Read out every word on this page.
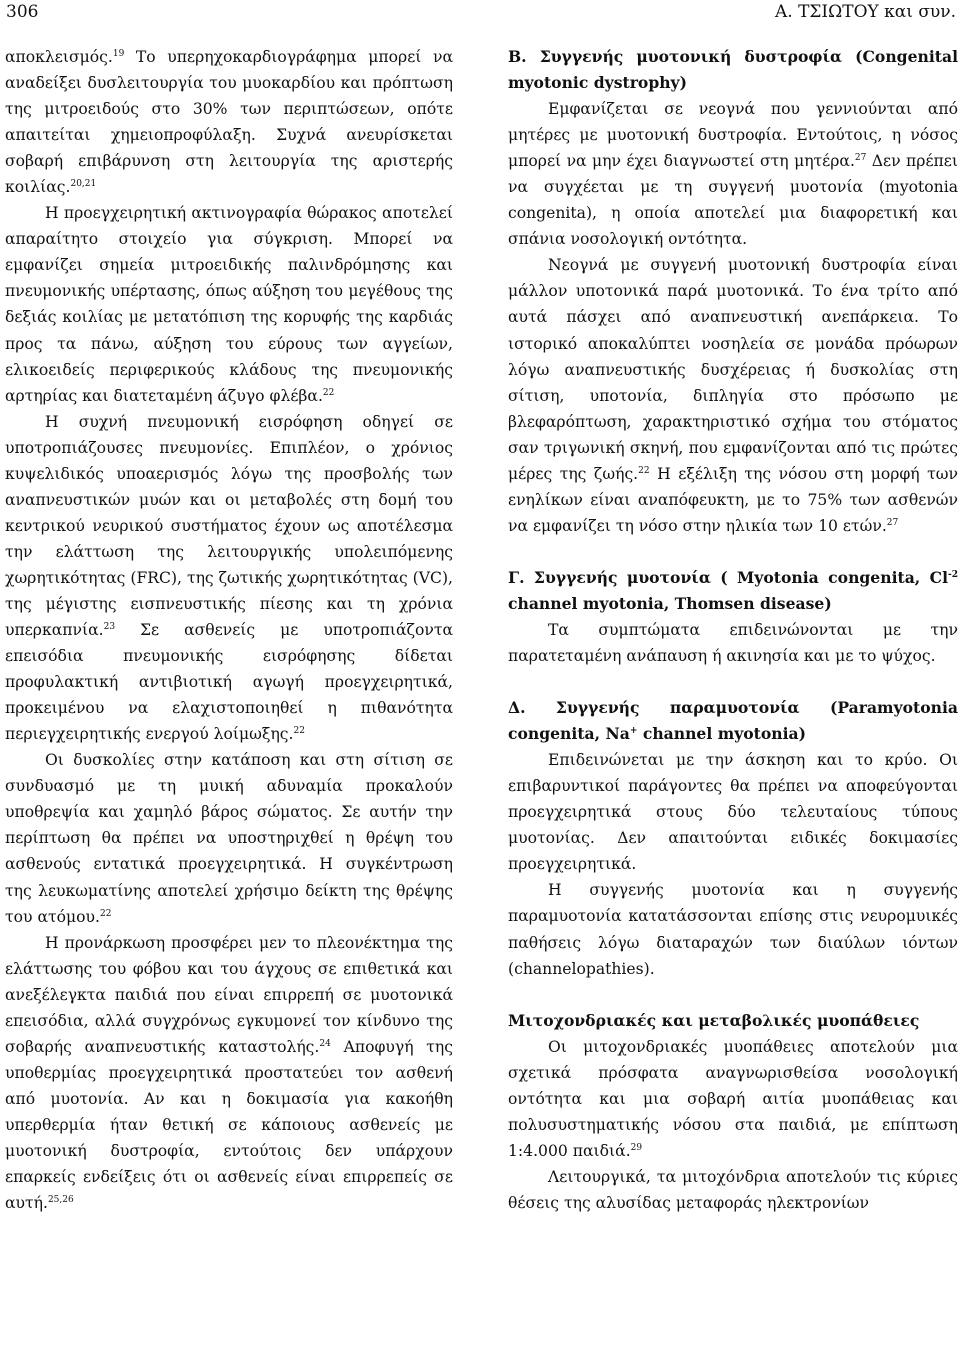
306	Α. ΤΣΙΩΤΟΥ και συν.

αποκλεισμός.$^{19}$ Το υπερηχοκαρδιογράφημα μπορεί να αναδείξει δυσλειτουργία του μυοκαρδίου και πρόπτωση της μιτροειδούς στο 30% των περιπτώσεων, οπότε απαιτείται χημειοπροφύλαξη. Συχνά ανευρίσκεται σοβαρή επιβάρυνση στη λειτουργία της αριστερής κοιλίας.$^{20,21}$

Η προεγχειρητική ακτινογραφία θώρακος αποτελεί απαραίτητο στοιχείο για σύγκριση. Μπορεί να εμφανίζει σημεία μιτροειδικής παλινδρόμησης και πνευμονικής υπέρτασης, όπως αύξηση του μεγέθους της δεξιάς κοιλίας με μετατόπιση της κορυφής της καρδιάς προς τα πάνω, αύξηση του εύρους των αγγείων, ελικοειδείς περιφερικούς κλάδους της πνευμονικής αρτηρίας και διατεταμένη άζυγο φλέβα.$^{22}$

Η συχνή πνευμονική εισρόφηση οδηγεί σε υποτροπιάζουσες πνευμονίες. Επιπλέον, ο χρόνιος κυψελιδικός υποαερισμός λόγω της προσβολής των αναπνευστικών μυών και οι μεταβολές στη δομή του κεντρικού νευρικού συστήματος έχουν ως αποτέλεσμα την ελάττωση της λειτουργικής υπολειπόμενης χωρητικότητας (FRC), της ζωτικής χωρητικότητας (VC), της μέγιστης εισπνευστικής πίεσης και τη χρόνια υπερκαπνία.$^{23}$ Σε ασθενείς με υποτροπιάζοντα επεισόδια πνευμονικής εισρόφησης δίδεται προφυλακτική αντιβιοτική αγωγή προεγχειρητικά, προκειμένου να ελαχιστοποιηθεί η πιθανότητα περιεγχειρητικής ενεργού λοίμωξης.$^{22}$

Οι δυσκολίες στην κατάποση και στη σίτιση σε συνδυασμό με τη μυική αδυναμία προκαλούν υποθρεψία και χαμηλό βάρος σώματος. Σε αυτήν την περίπτωση θα πρέπει να υποστηριχθεί η θρέψη του ασθενούς εντατικά προεγχειρητικά. Η συγκέντρωση της λευκωματίνης αποτελεί χρήσιμο δείκτη της θρέψης του ατόμου.$^{22}$

Η προνάρκωση προσφέρει μεν το πλεονέκτημα της ελάττωσης του φόβου και του άγχους σε επιθετικά και ανεξέλεγκτα παιδιά που είναι επιρρεπή σε μυοτονικά επεισόδια, αλλά συγχρόνως εγκυμονεί τον κίνδυνο της σοβαρής αναπνευστικής καταστολής.$^{24}$ Αποφυγή της υποθερμίας προεγχειρητικά προστατεύει τον ασθενή από μυοτονία. Αν και η δοκιμασία για κακοήθη υπερθερμία ήταν θετική σε κάποιους ασθενείς με μυοτονική δυστροφία, εντούτοις δεν υπάρχουν επαρκείς ενδείξεις ότι οι ασθενείς είναι επιρρεπείς σε αυτή.$^{25,26}$

Β. Συγγενής μυοτονική δυστροφία (Congenital myotonic dystrophy)

Εμφανίζεται σε νεογνά που γεννιούνται από μητέρες με μυοτονική δυστροφία. Εντούτοις, η νόσος μπορεί να μην έχει διαγνωστεί στη μητέρα.$^{27}$ Δεν πρέπει να συγχέεται με τη συγγενή μυοτονία (myotonia congenita), η οποία αποτελεί μια διαφορετική και σπάνια νοσολογική οντότητα.

Νεογνά με συγγενή μυοτονική δυστροφία είναι μάλλον υποτονικά παρά μυοτονικά. Το ένα τρίτο από αυτά πάσχει από αναπνευστική ανεπάρκεια. Το ιστορικό αποκαλύπτει νοσηλεία σε μονάδα πρόωρων λόγω αναπνευστικής δυσχέρειας ή δυσκολίας στη σίτιση, υποτονία, διπληγία στο πρόσωπο με βλεφαρόπτωση, χαρακτηριστικό σχήμα του στόματος σαν τριγωνική σκηνή, που εμφανίζονται από τις πρώτες μέρες της ζωής.$^{22}$ Η εξέλιξη της νόσου στη μορφή των ενηλίκων είναι αναπόφευκτη, με το 75% των ασθενών να εμφανίζει τη νόσο στην ηλικία των 10 ετών.$^{27}$

Γ. Συγγενής μυοτονία ( Myotonia congenita, $Cl^{-2}$ channel myotonia, Thomsen disease)

Τα συμπτώματα επιδεινώνονται με την παρατεταμένη ανάπαυση ή ακινησία και με το ψύχος.

Δ. Συγγενής παραμυοτονία (Paramyotonia congenita, Na+ channel myotonia)

Επιδεινώνεται με την άσκηση και το κρύο. Οι επιβαρυντικοί παράγοντες θα πρέπει να αποφεύγονται προεγχειρητικά στους δύο τελευταίους τύπους μυοτονίας. Δεν απαιτούνται ειδικές δοκιμασίες προεγχειρητικά.

Η συγγενής μυοτονία και η συγγενής παραμυοτονία κατατάσσονται επίσης στις νευρομυικές παθήσεις λόγω διαταραχών των διαύλων ιόντων (channelopathies).

Μιτοχονδριακές και μεταβολικές μυοπάθειες

Οι μιτοχονδριακές μυοπάθειες αποτελούν μια σχετικά πρόσφατα αναγνωρισθείσα νοσολογική οντότητα και μια σοβαρή αιτία μυοπάθειας και πολυσυστηματικής νόσου στα παιδιά, με επίπτωση 1:4.000 παιδιά.$^{29}$

Λειτουργικά, τα μιτοχόνδρια αποτελούν τις κύριες θέσεις της αλυσίδας μεταφοράς ηλεκτρονίων
